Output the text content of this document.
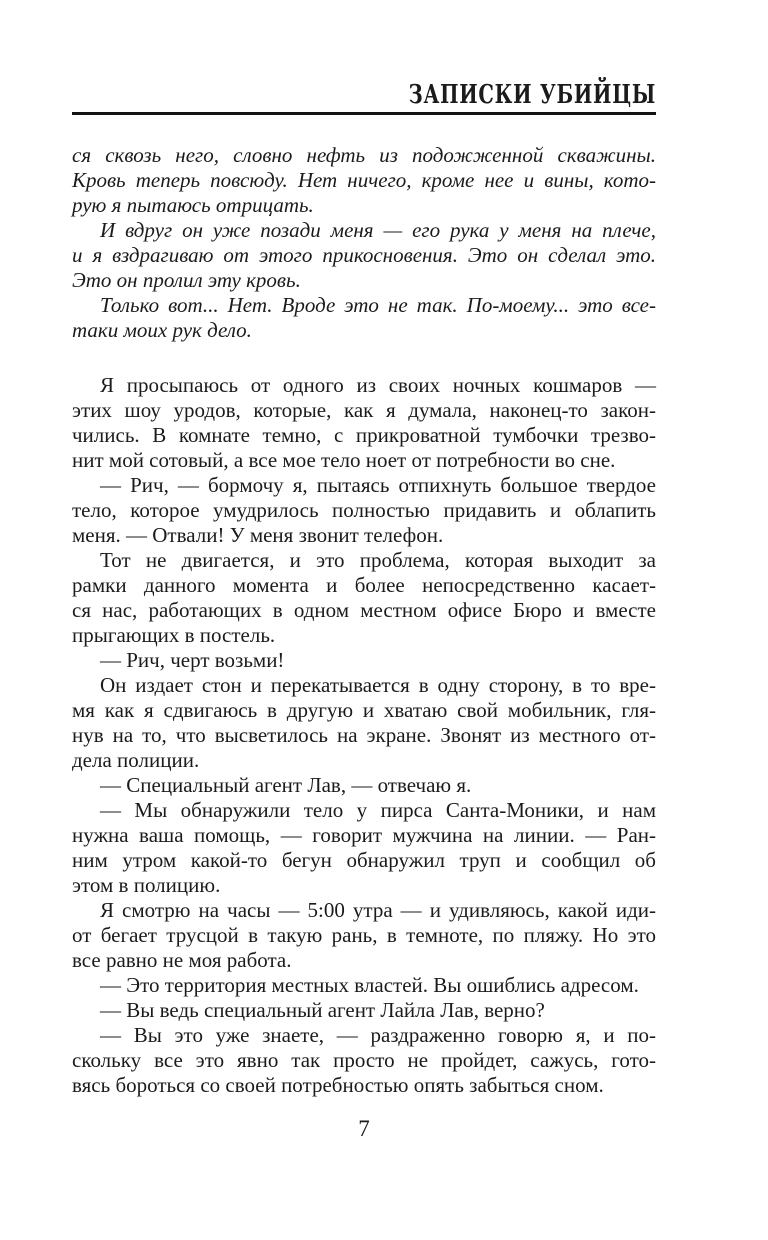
ЗАПИСКИ УБИЙЦЫ
ся сквозь него, словно нефть из подожженной скважины.
Кровь теперь повсюду. Нет ничего, кроме нее и вины, кото-
рую я пытаюсь отрицать.
И вдруг он уже позади меня — его рука у меня на плече,
и я вздрагиваю от этого прикосновения. Это он сделал это.
Это он пролил эту кровь.
Только вот... Нет. Вроде это не так. По-моему... это все-
таки моих рук дело.
Я просыпаюсь от одного из своих ночных кошмаров —
этих шоу уродов, которые, как я думала, наконец-то закон-
чились. В комнате темно, с прикроватной тумбочки трезво-
нит мой сотовый, а все мое тело ноет от потребности во сне.
— Рич, — бормочу я, пытаясь отпихнуть большое твердое
тело, которое умудрилось полностью придавить и облапить
меня. — Отвали! У меня звонит телефон.
Тот не двигается, и это проблема, которая выходит за
рамки данного момента и более непосредственно касает-
ся нас, работающих в одном местном офисе Бюро и вместе
прыгающих в постель.
— Рич, черт возьми!
Он издает стон и перекатывается в одну сторону, в то вре-
мя как я сдвигаюсь в другую и хватаю свой мобильник, гля-
нув на то, что высветилось на экране. Звонят из местного от-
дела полиции.
— Специальный агент Лав, — отвечаю я.
— Мы обнаружили тело у пирса Санта-Моники, и нам
нужна ваша помощь, — говорит мужчина на линии. — Ран-
ним утром какой-то бегун обнаружил труп и сообщил об
этом в полицию.
Я смотрю на часы — 5:00 утра — и удивляюсь, какой иди-
от бегает трусцой в такую рань, в темноте, по пляжу. Но это
все равно не моя работа.
— Это территория местных властей. Вы ошиблись адресом.
— Вы ведь специальный агент Лайла Лав, верно?
— Вы это уже знаете, — раздраженно говорю я, и по-
скольку все это явно так просто не пройдет, сажусь, гото-
вясь бороться со своей потребностью опять забыться сном.
7
